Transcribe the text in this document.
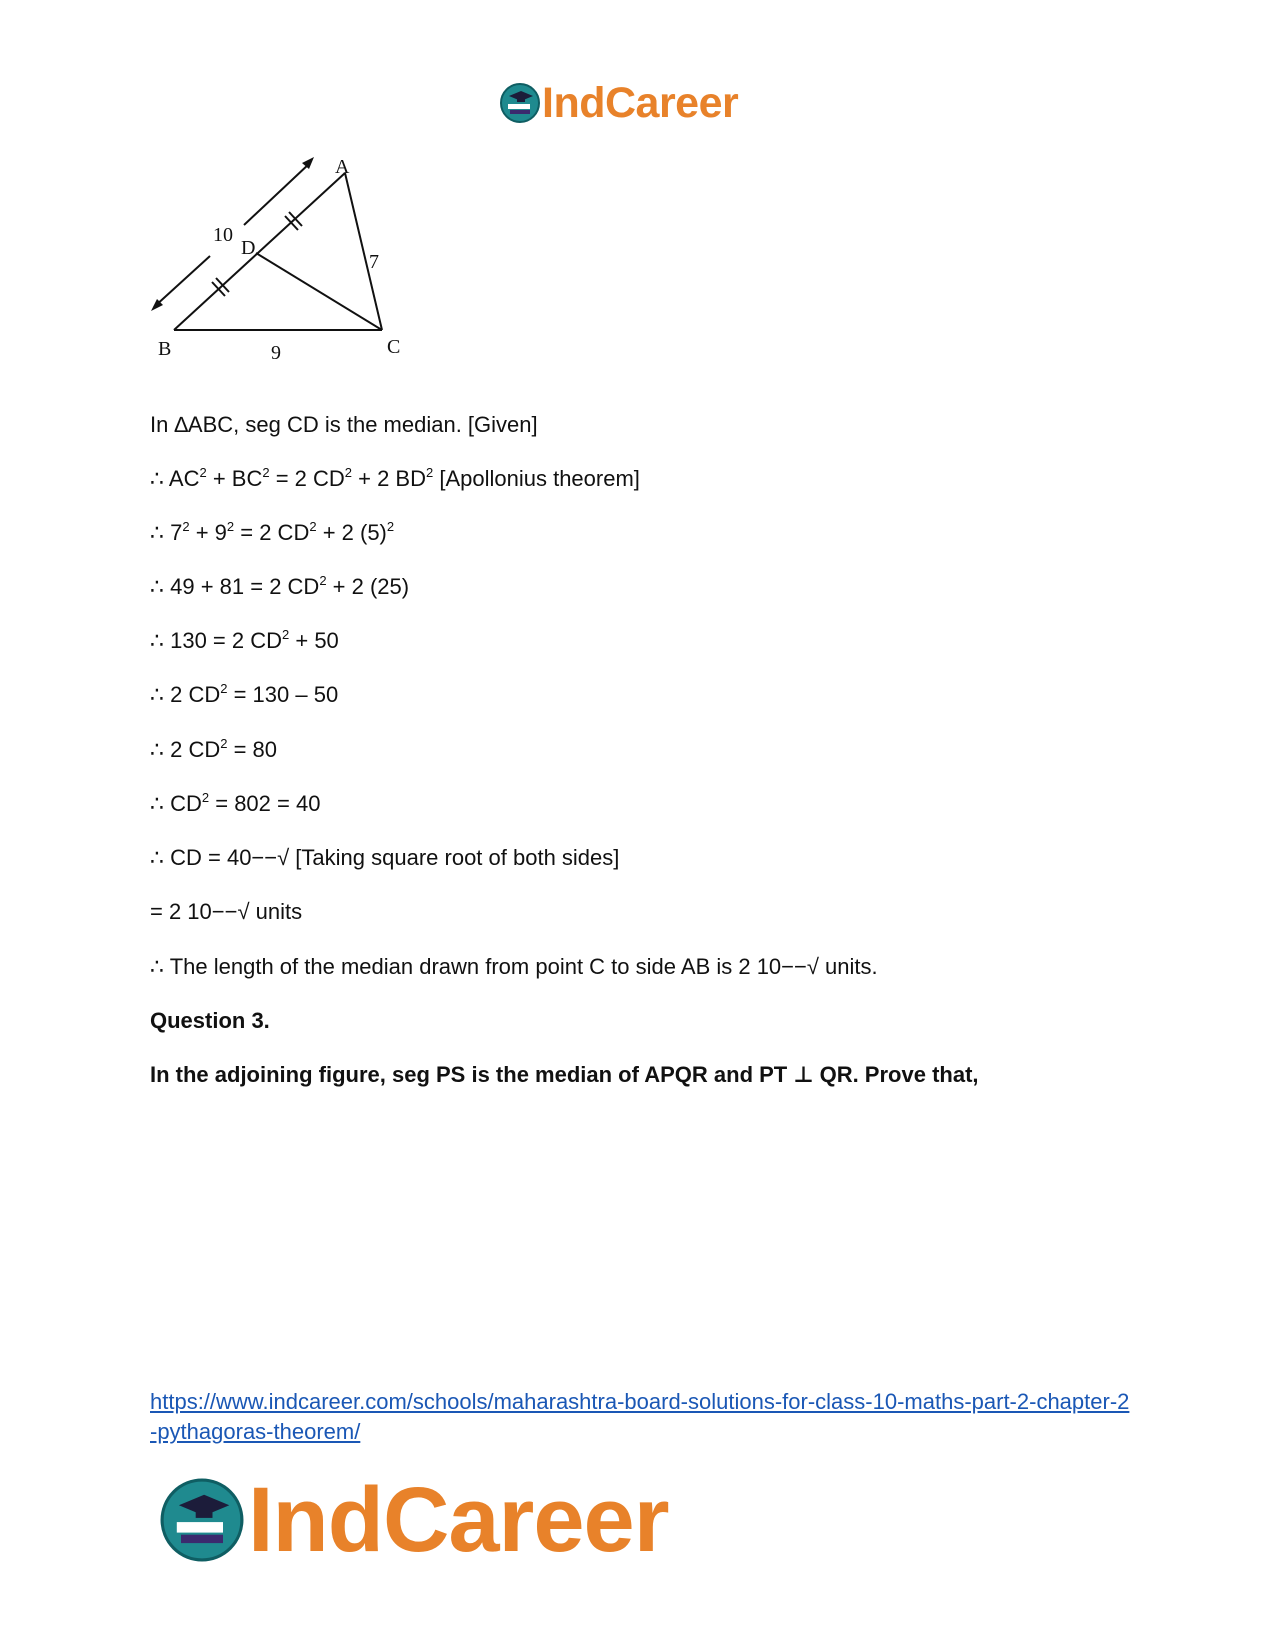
IndCareer
A
B	C
D
10
7
9
In ∆ABC, seg CD is the median. [Given]
∴ $AC^2 + BC^2 = 2$ $CD^2 + 2$ $BD^2$ [Apollonius theorem]
∴ $7^2 + 9^2 = 2$ $CD^2 + 2$ $(5)^2$
∴ 49 + 81 = 2 $CD^2 + 2$ (25)
∴ 130 = 2 $CD^2 + 50$
∴ 2 $CD^2 = 130 - 50$
∴ 2 $CD^2 = 80$
∴ $CD^2 = 802 = 40$
∴ CD = 40−−√ [Taking square root of both sides]
= 2 10−−√ units
∴ The length of the median drawn from point C to side AB is 2 10−−√ units.
Question 3.
In the adjoining figure, seg PS is the median of APQR and PT ⊥ QR. Prove that,
https://www.indcareer.com/schools/maharashtra-board-solutions-for-class-10-maths-part-2-chapter-2-pythagoras-theorem/
IndCareer
